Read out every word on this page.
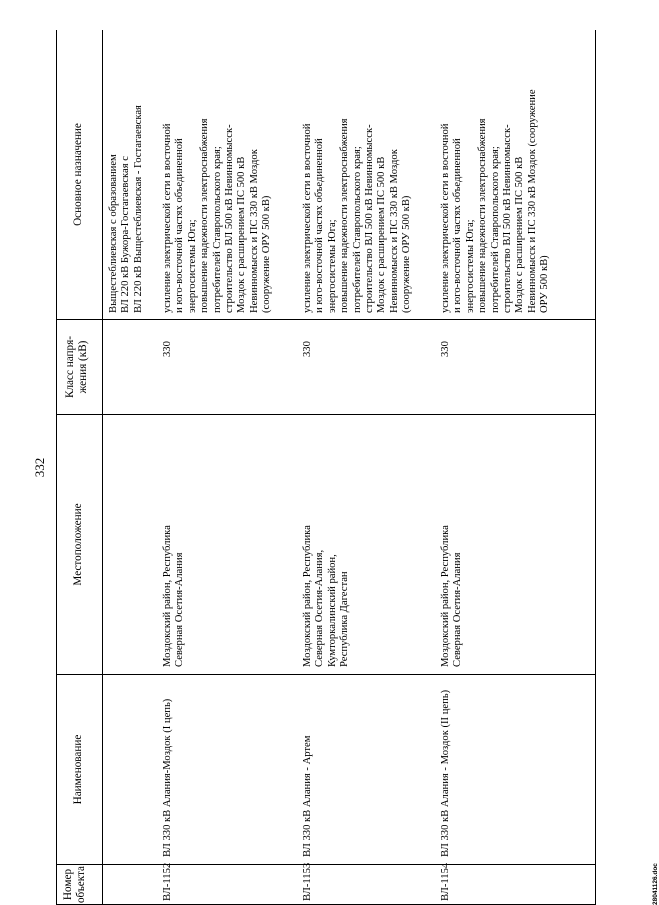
332
28041126.doc
Номер
объекта
Наименование
Местоположение
Класс напря-
жения (кВ)
Основное назначение
Выщестеблиевская с образованием
ВЛ 220 кВ Бужора-Гостагаевская с
ВЛ 220 кВ Выщестеблиевская - Гостагаевская
ВЛ-1152
ВЛ 330 кВ Алания-Моздок (I цепь)
Моздокский район, Республика
Северная Осетия-Алания
330
усиление электрической сети в восточной
и юго-восточной частях объединенной
энергосистемы Юга;
повышение надежности электроснабжения
потребителей Ставропольского края;
строительство ВЛ 500 кВ Невинномысск-
Моздок с расширением ПС 500 кВ
Невинномысск и ПС 330 кВ Моздок
(сооружение ОРУ 500 кВ)
ВЛ-1153
ВЛ 330 кВ Алания - Артем
Моздокский район, Республика
Северная Осетия-Алания,
Кумторкалинский район,
Республика Дагестан
330
усиление электрической сети в восточной
и юго-восточной частях объединенной
энергосистемы Юга;
повышение надежности электроснабжения
потребителей Ставропольского края;
строительство ВЛ 500 кВ Невинномысск-
Моздок с расширением ПС 500 кВ
Невинномысск и ПС 330 кВ Моздок
(сооружение ОРУ 500 кВ)
ВЛ-1154
ВЛ 330 кВ Алания - Моздок (II цепь)
Моздокский район, Республика
Северная Осетия-Алания
330
усиление электрической сети в восточной
и юго-восточной частях объединенной
энергосистемы Юга;
повышение надежности электроснабжения
потребителей Ставропольского края;
строительство ВЛ 500 кВ Невинномысск-
Моздок с расширением ПС 500 кВ
Невинномысск и ПС 330 кВ Моздок (сооружение
ОРУ 500 кВ)
